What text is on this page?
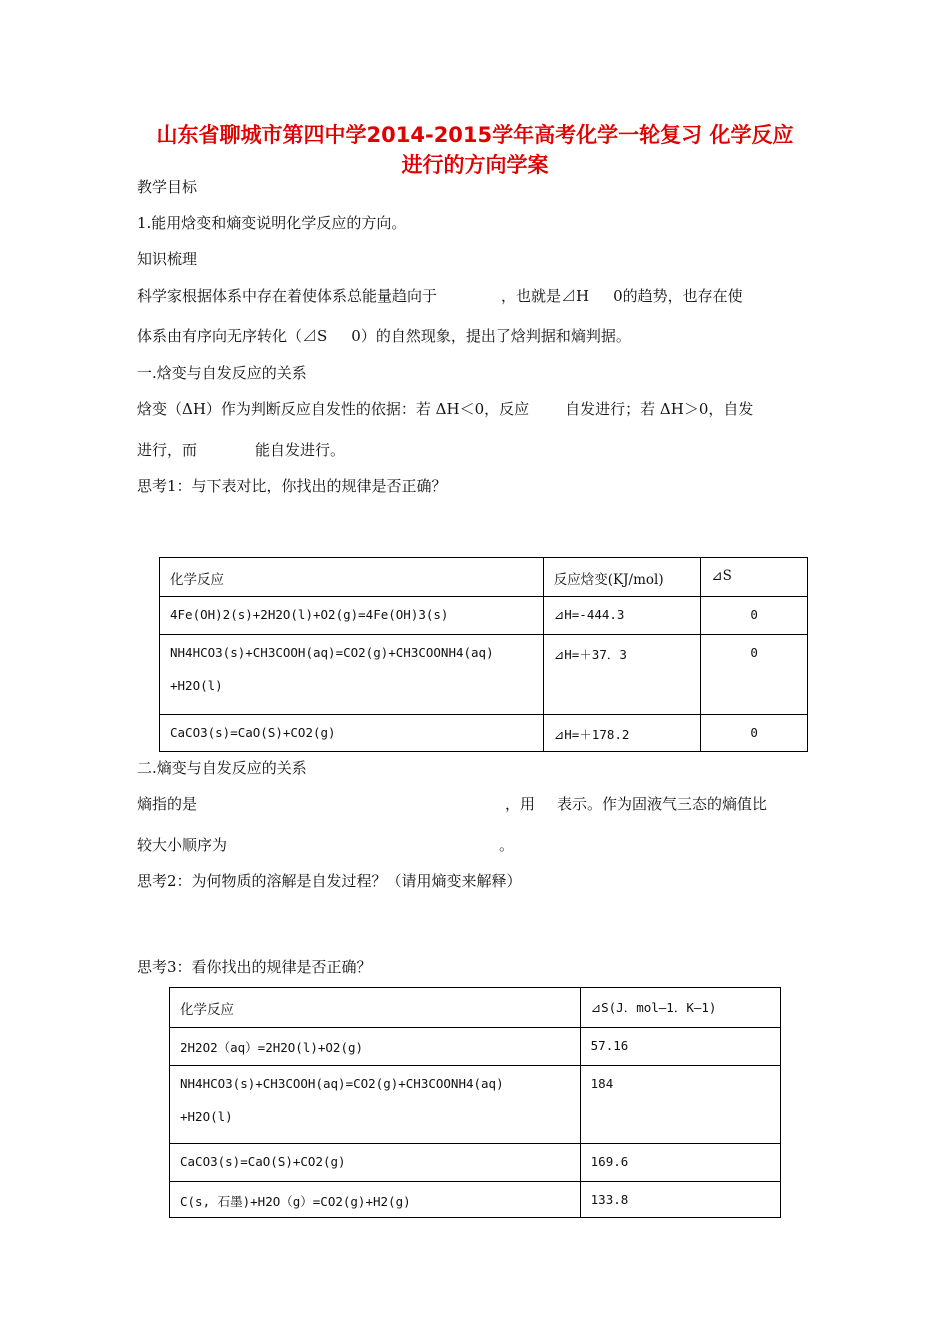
山东省聊城市第四中学2014-2015学年高考化学一轮复习 化学反应
进行的方向学案
教学目标
1.能用焓变和熵变说明化学反应的方向。
知识梳理
科学家根据体系中存在着使体系总能量趋向于	，也就是⊿H 0的趋势，也存在使
体系由有序向无序转化（⊿S 0）的自然现象，提出了焓判据和熵判据。
一.焓变与自发反应的关系
焓变（ΔH）作为判断反应自发性的依据：若 ΔH＜0，反应 自发进行；若 ΔH＞0，自发
进行，而	能自发进行。
思考1：与下表对比，你找出的规律是否正确？
化学反应	反应焓变(KJ/mol)	⊿S
4Fe(OH)2(s)+2H2O(l)+O2(g)=4Fe(OH)3(s)	⊿H=-444.3	0

NH4HCO3(s)+CH3COOH(aq)=CO2(g)+CH3COONH4(aq)
+H2O(l)	⊿H=＋37．3	0
CaCO3(s)=CaO(S)+CO2(g)	⊿H=＋178.2	0
二.熵变与自发反应的关系
熵指的是	，用 表示。作为固液气三态的熵值比
较大小顺序为	。
思考2：为何物质的溶解是自发过程？（请用熵变来解释）
思考3：看你找出的规律是否正确？
化学反应	⊿S(J．mol—1．K—1)
2H2O2（aq）=2H2O(l)+O2(g)	57.16

NH4HCO3(s)+CH3COOH(aq)=CO2(g)+CH3COONH4(aq)
+H2O(l)	184
CaCO3(s)=CaO(S)+CO2(g)	169.6
C(s, 石墨)+H2O（g）=CO2(g)+H2(g)	133.8
